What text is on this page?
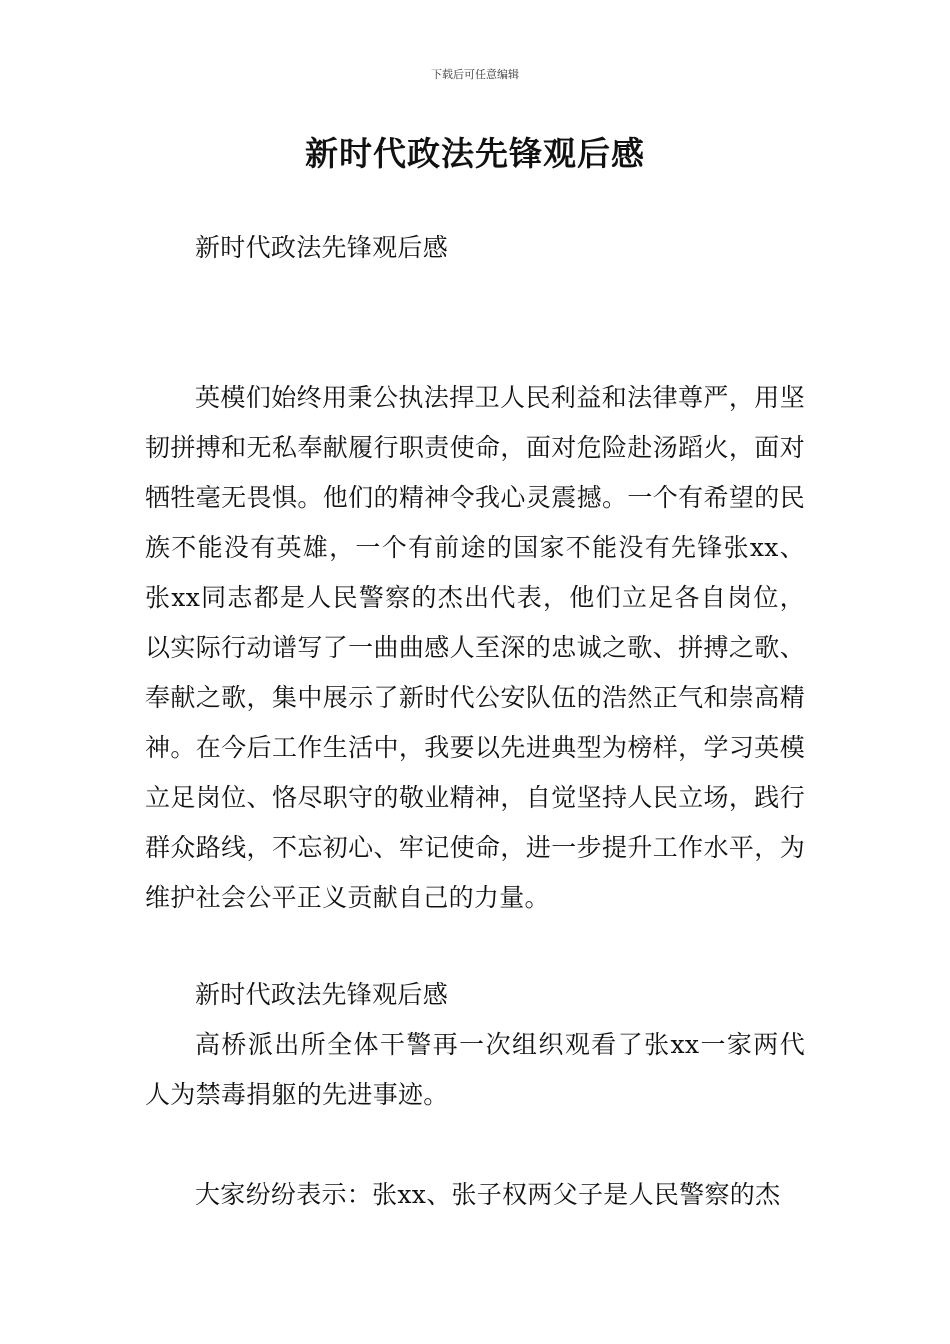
下载后可任意编辑
新时代政法先锋观后感

新时代政法先锋观后感

英模们始终用秉公执法捍卫人民利益和法律尊严，用坚韧拼搏和无私奉献履行职责使命，面对危险赴汤蹈火，面对牺牲毫无畏惧。他们的精神令我心灵震撼。一个有希望的民族不能没有英雄，一个有前途的国家不能没有先锋张xx、张xx同志都是人民警察的杰出代表，他们立足各自岗位，以实际行动谱写了一曲曲感人至深的忠诚之歌、拼搏之歌、奉献之歌，集中展示了新时代公安队伍的浩然正气和崇高精神。在今后工作生活中，我要以先进典型为榜样，学习英模立足岗位、恪尽职守的敬业精神，自觉坚持人民立场，践行群众路线，不忘初心、牢记使命，进一步提升工作水平，为维护社会公平正义贡献自己的力量。

新时代政法先锋观后感

高桥派出所全体干警再一次组织观看了张xx一家两代人为禁毒捐躯的先进事迹。

大家纷纷表示：张xx、张子权两父子是人民警察的杰
